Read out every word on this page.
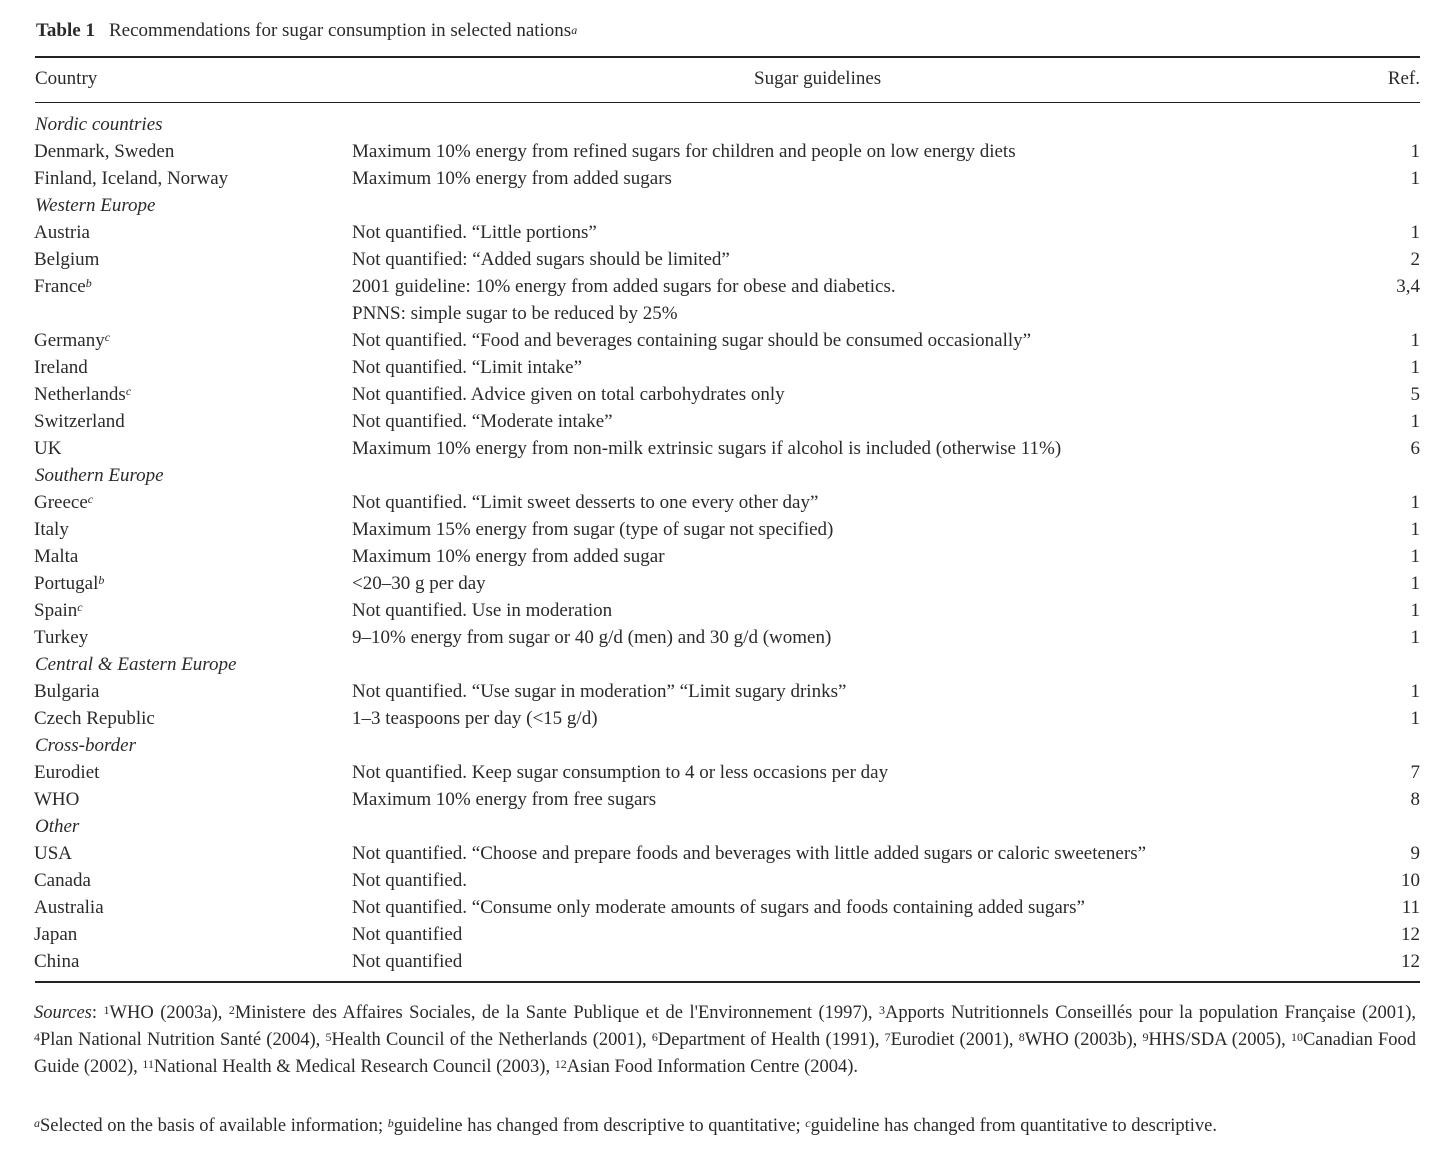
Table 1 Recommendations for sugar consumption in selected nations$^a$
Country	Sugar guidelines	Ref.
Nordic countries
Denmark, Sweden	Maximum 10% energy from refined sugars for children and people on low energy diets	1
Finland, Iceland, Norway	Maximum 10% energy from added sugars	1
Western Europe
Austria	Not quantified. “Little portions”	1
Belgium	Not quantified: “Added sugars should be limited”	2
France$^b$	2001 guideline: 10% energy from added sugars for obese and diabetics.	3,4
PNNS: simple sugar to be reduced by 25%
Germany$^c$	Not quantified. “Food and beverages containing sugar should be consumed occasionally”	1
Ireland	Not quantified. “Limit intake”	1
Netherlands$^c$	Not quantified. Advice given on total carbohydrates only	5
Switzerland	Not quantified. “Moderate intake”	1
UK	Maximum 10% energy from non-milk extrinsic sugars if alcohol is included (otherwise 11%)	6
Southern Europe
Greece$^c$	Not quantified. “Limit sweet desserts to one every other day”	1
Italy	Maximum 15% energy from sugar (type of sugar not specified)	1
Malta	Maximum 10% energy from added sugar	1
Portugal$^b$	<20–30 g per day	1
Spain$^c$	Not quantified. Use in moderation	1
Turkey	9–10% energy from sugar or 40 g/d (men) and 30 g/d (women)	1
Central & Eastern Europe
Bulgaria	Not quantified. “Use sugar in moderation” “Limit sugary drinks”	1
Czech Republic	1–3 teaspoons per day (<15 g/d)	1
Cross-border
Eurodiet	Not quantified. Keep sugar consumption to 4 or less occasions per day	7
WHO	Maximum 10% energy from free sugars	8
Other
USA	Not quantified. “Choose and prepare foods and beverages with little added sugars or caloric sweeteners”	9
Canada	Not quantified.	10
Australia	Not quantified. “Consume only moderate amounts of sugars and foods containing added sugars”	11
Japan	Not quantified	12
China	Not quantified	12
Sources: $^1$WHO (2003a), $^2$Ministere des Affaires Sociales, de la Sante Publique et de l'Environnement (1997), $^3$Apports Nutritionnels Conseillés pour la population Française (2001), $^4$Plan National Nutrition Santé (2004), $^5$Health Council of the Netherlands (2001), $^6$Department of Health (1991), $^7$Eurodiet (2001), $^8$WHO (2003b), $^9$HHS/SDA (2005), $^{10}$Canadian Food Guide (2002), $^{11}$National Health & Medical Research Council (2003), $^{12}$Asian Food Information Centre (2004).
$^a$Selected on the basis of available information; $^b$guideline has changed from descriptive to quantitative; $^c$guideline has changed from quantitative to descriptive.
